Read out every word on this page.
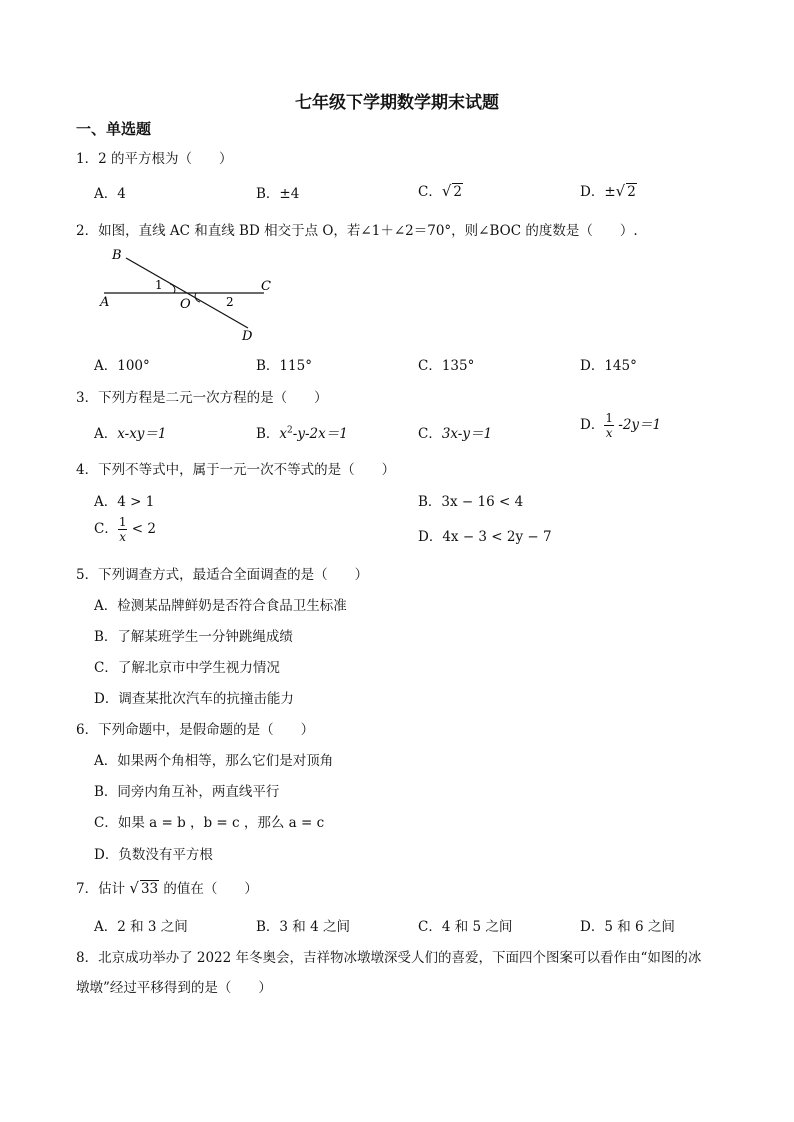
七年级下学期数学期末试题
一、单选题
1．2 的平方根为（　　）
A．4	B．±4	C．√ 2	D．±√ 2
2．如图，直线 AC 和直线 BD 相交于点 O，若∠1＋∠2＝70°，则∠BOC 的度数是（　　）.
B
C
A	O
D
1
2
A．100°	B．115°	C．135°	D．145°
3．下列方程是二元一次方程的是（　　）
A．x-xy＝1	B．$x^2-y-2x=1$	C．3x-y＝1
D． $\frac{1}{x} -2y=1$
4．下列不等式中，属于一元一次不等式的是（　　）
A．4 > 1	B．3x − 16 < 4
C． $\frac{1}{x} < 2$	D．4x − 3 < 2y − 7
5．下列调查方式，最适合全面调查的是（　　）
A．检测某品牌鲜奶是否符合食品卫生标准
B．了解某班学生一分钟跳绳成绩
C．了解北京市中学生视力情况
D．调查某批次汽车的抗撞击能力
6．下列命题中，是假命题的是（　　）
A．如果两个角相等，那么它们是对顶角
B．同旁内角互补，两直线平行
C．如果 a = b ，b = c ，那么 a = c
D．负数没有平方根
7．估计 √ 33 的值在（　　）
A．2 和 3 之间	B．3 和 4 之间	C．4 和 5 之间	D．5 和 6 之间
8．北京成功举办了 2022 年冬奥会，吉祥物冰墩墩深受人们的喜爱，下面四个图案可以看作由“如图的冰
墩墩”经过平移得到的是（　　）
